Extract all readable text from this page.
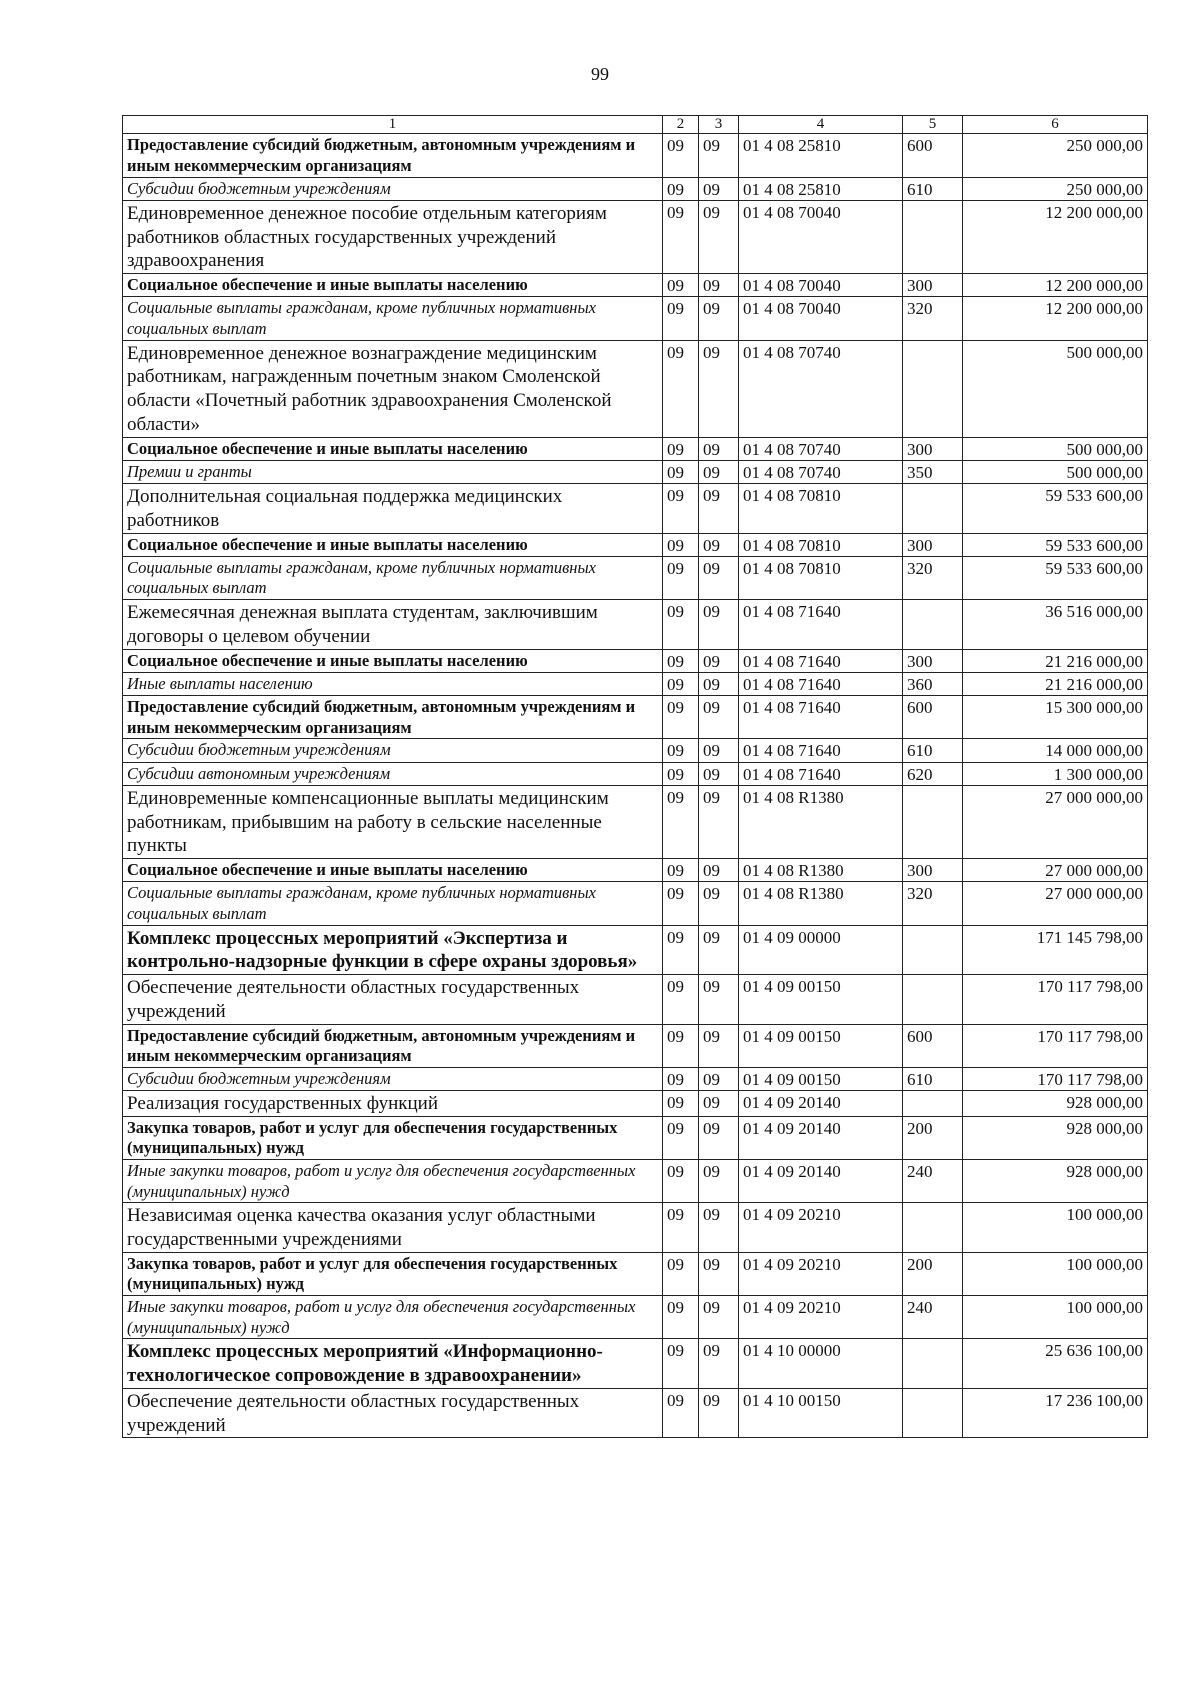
99
1	2	3	4	5	6
Предоставление субсидий бюджетным, автономным учреждениям и иным некоммерческим организациям	09	09	01 4 08 25810	600	250 000,00
Субсидии бюджетным учреждениям	09	09	01 4 08 25810	610	250 000,00
Единовременное денежное пособие отдельным категориям работников областных государственных учреждений здравоохранения	09	09	01 4 08 70040		12 200 000,00
Социальное обеспечение и иные выплаты населению	09	09	01 4 08 70040	300	12 200 000,00
Социальные выплаты гражданам, кроме публичных нормативных социальных выплат	09	09	01 4 08 70040	320	12 200 000,00
Единовременное денежное вознаграждение медицинским работникам, награжденным почетным знаком Смоленской области «Почетный работник здравоохранения Смоленской области»	09	09	01 4 08 70740		500 000,00
Социальное обеспечение и иные выплаты населению	09	09	01 4 08 70740	300	500 000,00
Премии и гранты	09	09	01 4 08 70740	350	500 000,00
Дополнительная социальная поддержка медицинских работников	09	09	01 4 08 70810		59 533 600,00
Социальное обеспечение и иные выплаты населению	09	09	01 4 08 70810	300	59 533 600,00
Социальные выплаты гражданам, кроме публичных нормативных социальных выплат	09	09	01 4 08 70810	320	59 533 600,00
Ежемесячная денежная выплата студентам, заключившим договоры о целевом обучении	09	09	01 4 08 71640		36 516 000,00
Социальное обеспечение и иные выплаты населению	09	09	01 4 08 71640	300	21 216 000,00
Иные выплаты населению	09	09	01 4 08 71640	360	21 216 000,00
Предоставление субсидий бюджетным, автономным учреждениям и иным некоммерческим организациям	09	09	01 4 08 71640	600	15 300 000,00
Субсидии бюджетным учреждениям	09	09	01 4 08 71640	610	14 000 000,00
Субсидии автономным учреждениям	09	09	01 4 08 71640	620	1 300 000,00
Единовременные компенсационные выплаты медицинским работникам, прибывшим на работу в сельские населенные пункты	09	09	01 4 08 R1380		27 000 000,00
Социальное обеспечение и иные выплаты населению	09	09	01 4 08 R1380	300	27 000 000,00
Социальные выплаты гражданам, кроме публичных нормативных социальных выплат	09	09	01 4 08 R1380	320	27 000 000,00
Комплекс процессных мероприятий «Экспертиза и контрольно-надзорные функции в сфере охраны здоровья»	09	09	01 4 09 00000		171 145 798,00
Обеспечение деятельности областных государственных учреждений	09	09	01 4 09 00150		170 117 798,00
Предоставление субсидий бюджетным, автономным учреждениям и иным некоммерческим организациям	09	09	01 4 09 00150	600	170 117 798,00
Субсидии бюджетным учреждениям	09	09	01 4 09 00150	610	170 117 798,00
Реализация государственных функций	09	09	01 4 09 20140		928 000,00
Закупка товаров, работ и услуг для обеспечения государственных (муниципальных) нужд	09	09	01 4 09 20140	200	928 000,00
Иные закупки товаров, работ и услуг для обеспечения государственных (муниципальных) нужд	09	09	01 4 09 20140	240	928 000,00
Независимая оценка качества оказания услуг областными государственными учреждениями	09	09	01 4 09 20210		100 000,00
Закупка товаров, работ и услуг для обеспечения государственных (муниципальных) нужд	09	09	01 4 09 20210	200	100 000,00
Иные закупки товаров, работ и услуг для обеспечения государственных (муниципальных) нужд	09	09	01 4 09 20210	240	100 000,00
Комплекс процессных мероприятий «Информационно-технологическое сопровождение в здравоохранении»	09	09	01 4 10 00000		25 636 100,00
Обеспечение деятельности областных государственных учреждений	09	09	01 4 10 00150		17 236 100,00
